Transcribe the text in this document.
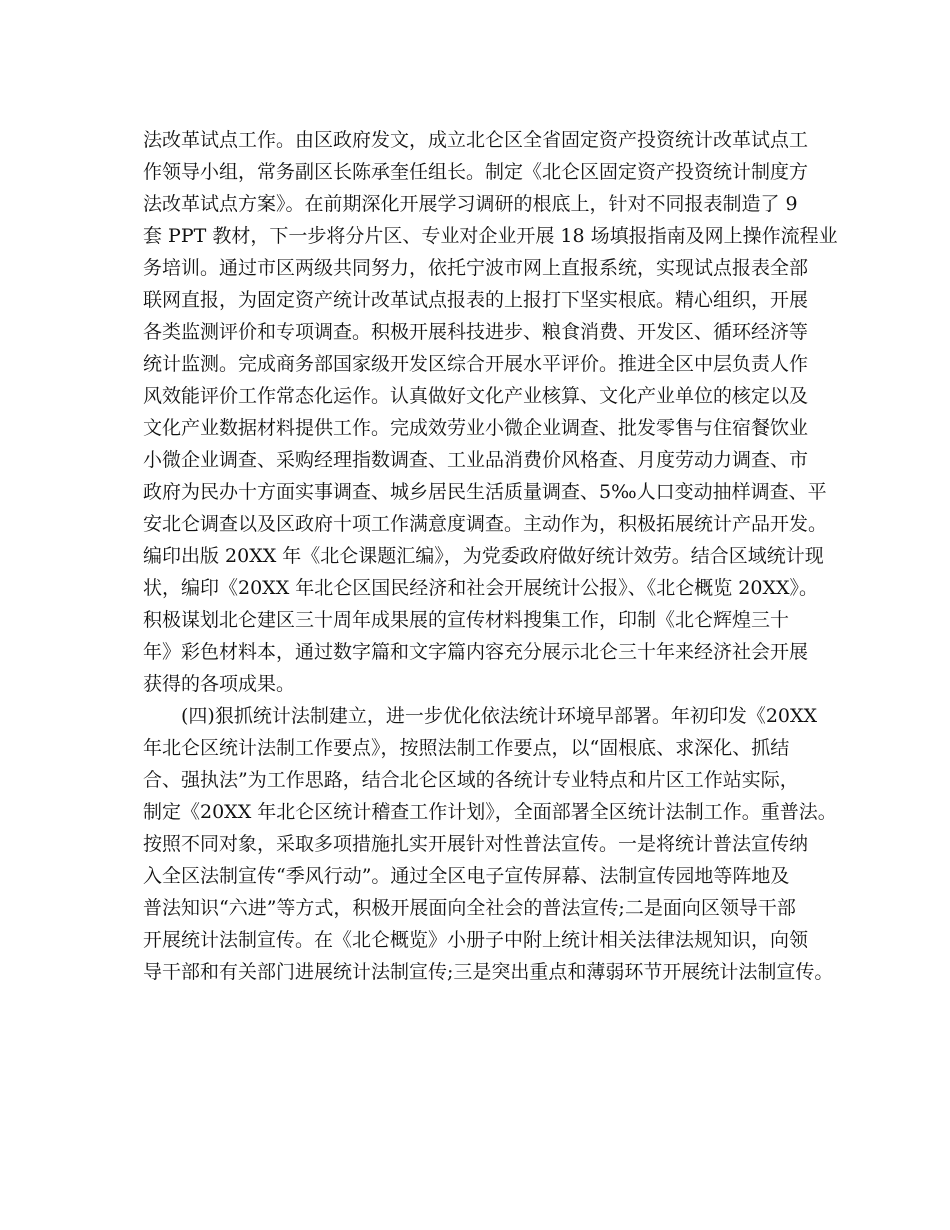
法改革试点工作。由区政府发文，成立北仑区全省固定资产投资统计改革试点工
作领导小组，常务副区长陈承奎任组长。制定《北仑区固定资产投资统计制度方
法改革试点方案》。在前期深化开展学习调研的根底上，针对不同报表制造了 9
套 PPT 教材，下一步将分片区、专业对企业开展 18 场填报指南及网上操作流程业
务培训。通过市区两级共同努力，依托宁波市网上直报系统，实现试点报表全部
联网直报，为固定资产统计改革试点报表的上报打下坚实根底。精心组织，开展
各类监测评价和专项调查。积极开展科技进步、粮食消费、开发区、循环经济等
统计监测。完成商务部国家级开发区综合开展水平评价。推进全区中层负责人作
风效能评价工作常态化运作。认真做好文化产业核算、文化产业单位的核定以及
文化产业数据材料提供工作。完成效劳业小微企业调查、批发零售与住宿餐饮业
小微企业调查、采购经理指数调查、工业品消费价风格查、月度劳动力调查、市
政府为民办十方面实事调查、城乡居民生活质量调查、5‰人口变动抽样调查、平
安北仑调查以及区政府十项工作满意度调查。主动作为，积极拓展统计产品开发。
编印出版 20XX 年《北仑课题汇编》，为党委政府做好统计效劳。结合区域统计现
状，编印《20XX 年北仑区国民经济和社会开展统计公报》、《北仑概览 20XX》。
积极谋划北仑建区三十周年成果展的宣传材料搜集工作，印制《北仑辉煌三十
年》彩色材料本，通过数字篇和文字篇内容充分展示北仑三十年来经济社会开展
获得的各项成果。
(四)狠抓统计法制建立，进一步优化依法统计环境早部署。年初印发《20XX
年北仑区统计法制工作要点》，按照法制工作要点，以“固根底、求深化、抓结
合、强执法”为工作思路，结合北仑区域的各统计专业特点和片区工作站实际，
制定《20XX 年北仑区统计稽查工作计划》，全面部署全区统计法制工作。重普法。
按照不同对象，采取多项措施扎实开展针对性普法宣传。一是将统计普法宣传纳
入全区法制宣传“季风行动”。通过全区电子宣传屏幕、法制宣传园地等阵地及
普法知识“六进”等方式，积极开展面向全社会的普法宣传;二是面向区领导干部
开展统计法制宣传。在《北仑概览》小册子中附上统计相关法律法规知识，向领
导干部和有关部门进展统计法制宣传;三是突出重点和薄弱环节开展统计法制宣传。
